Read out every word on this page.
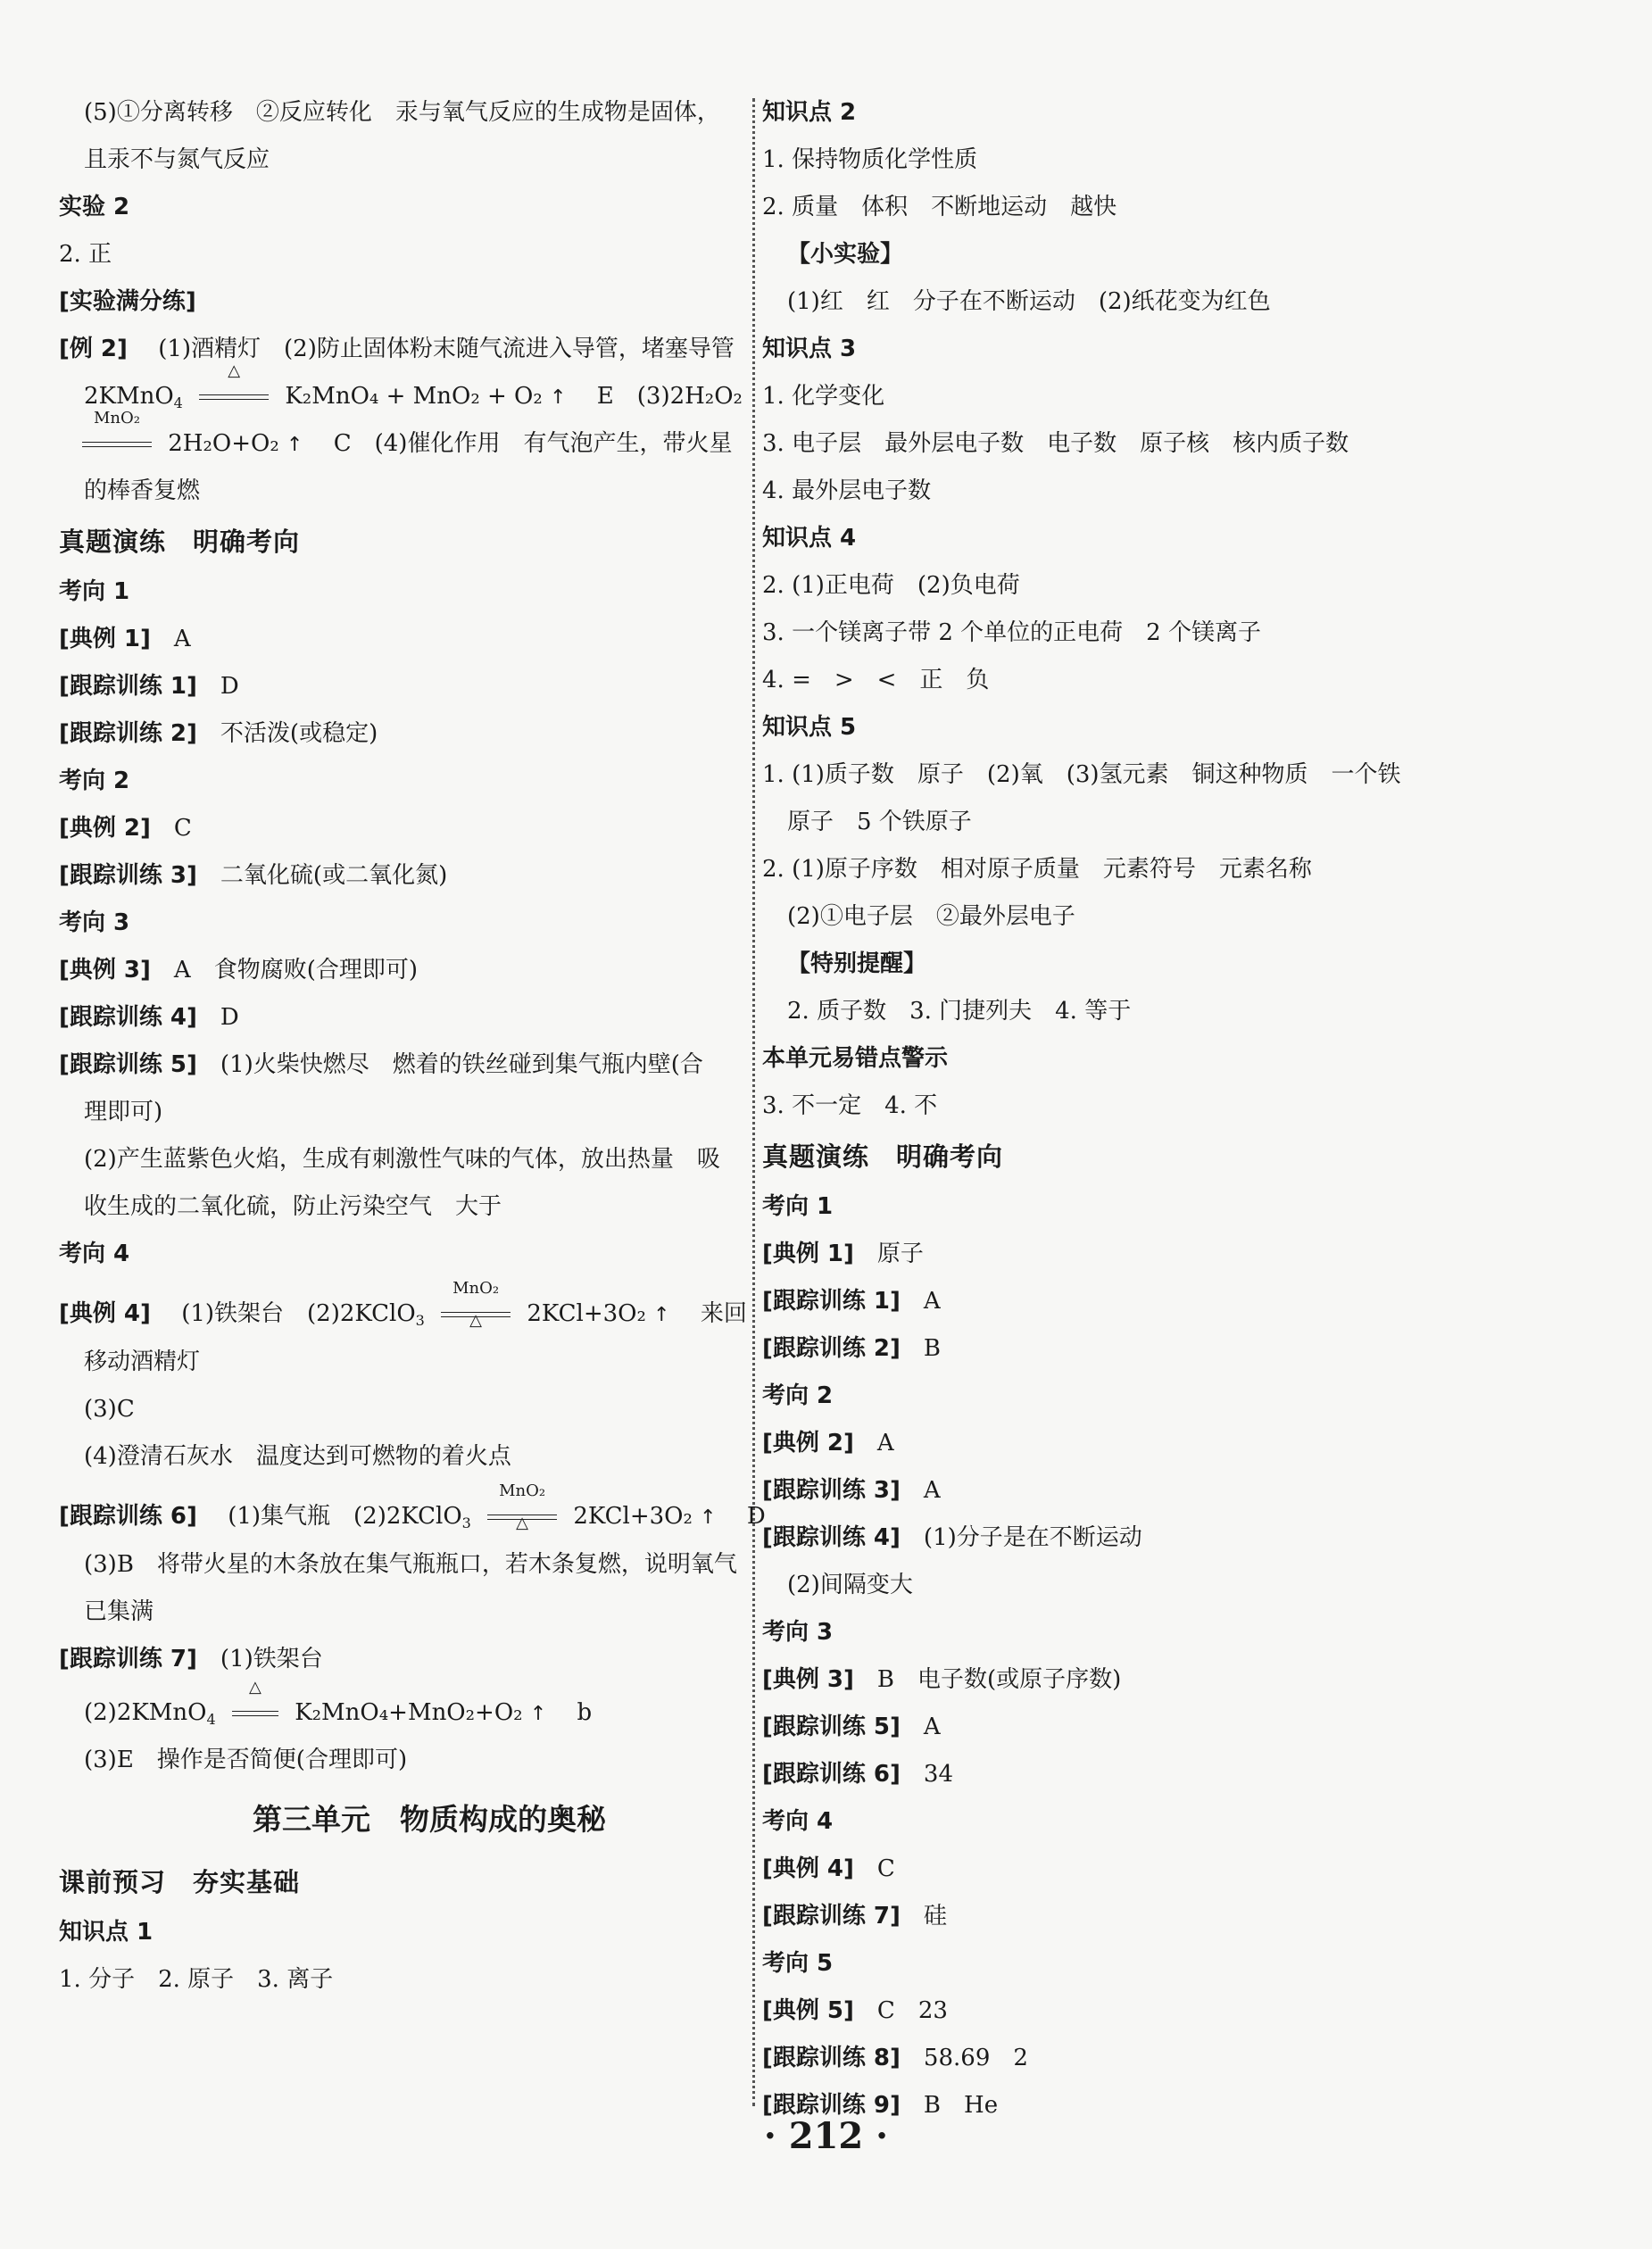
(5)①分离转移　②反应转化　汞与氧气反应的生成物是固体，
且汞不与氮气反应
实验 2
2. 正
[实验满分练]
[例 2] (1)酒精灯　(2)防止固体粉末随气流进入导管，堵塞导管
2KMnO$_4$
△
K₂MnO₄ + MnO₂ + O₂ ↑ E　(3)2H₂O₂
MnO₂
2H₂O+O₂ ↑ C　(4)催化作用　有气泡产生，带火星
的棒香复燃
真题演练　明确考向
考向 1
[典例 1] A
[跟踪训练 1] D
[跟踪训练 2] 不活泼(或稳定)
考向 2
[典例 2] C
[跟踪训练 3] 二氧化硫(或二氧化氮)
考向 3
[典例 3] A　食物腐败(合理即可)
[跟踪训练 4] D
[跟踪训练 5] (1)火柴快燃尽　燃着的铁丝碰到集气瓶内壁(合
理即可)
(2)产生蓝紫色火焰，生成有刺激性气味的气体，放出热量　吸
收生成的二氧化硫，防止污染空气　大于
考向 4
[典例 4] (1)铁架台　(2)2KClO$_3$ $\frac{\text{MnO₂}}{\triangle} 2KCl+3O_2$ ↑ 来回
移动酒精灯
(3)C
(4)澄清石灰水　温度达到可燃物的着火点
[跟踪训练 6] (1)集气瓶　(2)2KClO$_3$ $\frac{\text{MnO₂}}{\triangle} 2KCl+3O_2$ ↑ D
(3)B　将带火星的木条放在集气瓶瓶口，若木条复燃，说明氧气
已集满
[跟踪训练 7] (1)铁架台
(2)2KMnO$_4$
△
K₂MnO₄+MnO₂+O₂ ↑ b
(3)E　操作是否简便(合理即可)
第三单元　物质构成的奥秘
课前预习　夯实基础
知识点 1
1. 分子　2. 原子　3. 离子
知识点 2
1. 保持物质化学性质
2. 质量　体积　不断地运动　越快
【小实验】
(1)红　红　分子在不断运动　(2)纸花变为红色
知识点 3
1. 化学变化
3. 电子层　最外层电子数　电子数　原子核　核内质子数
4. 最外层电子数
知识点 4
2. (1)正电荷　(2)负电荷
3. 一个镁离子带 2 个单位的正电荷　2 个镁离子
4. =　>　<　正　负
知识点 5
1. (1)质子数　原子　(2)氧　(3)氢元素　铜这种物质　一个铁
原子　5 个铁原子
2. (1)原子序数　相对原子质量　元素符号　元素名称
(2)①电子层　②最外层电子
【特别提醒】
2. 质子数　3. 门捷列夫　4. 等于
本单元易错点警示
3. 不一定　4. 不
真题演练　明确考向
考向 1
[典例 1] 原子
[跟踪训练 1] A
[跟踪训练 2] B
考向 2
[典例 2] A
[跟踪训练 3] A
[跟踪训练 4] (1)分子是在不断运动
(2)间隔变大
考向 3
[典例 3] B　电子数(或原子序数)
[跟踪训练 5] A
[跟踪训练 6] 34
考向 4
[典例 4] C
[跟踪训练 7] 硅
考向 5
[典例 5] C　23
[跟踪训练 8] 58.69　2
[跟踪训练 9] B　He
· 212 ·
